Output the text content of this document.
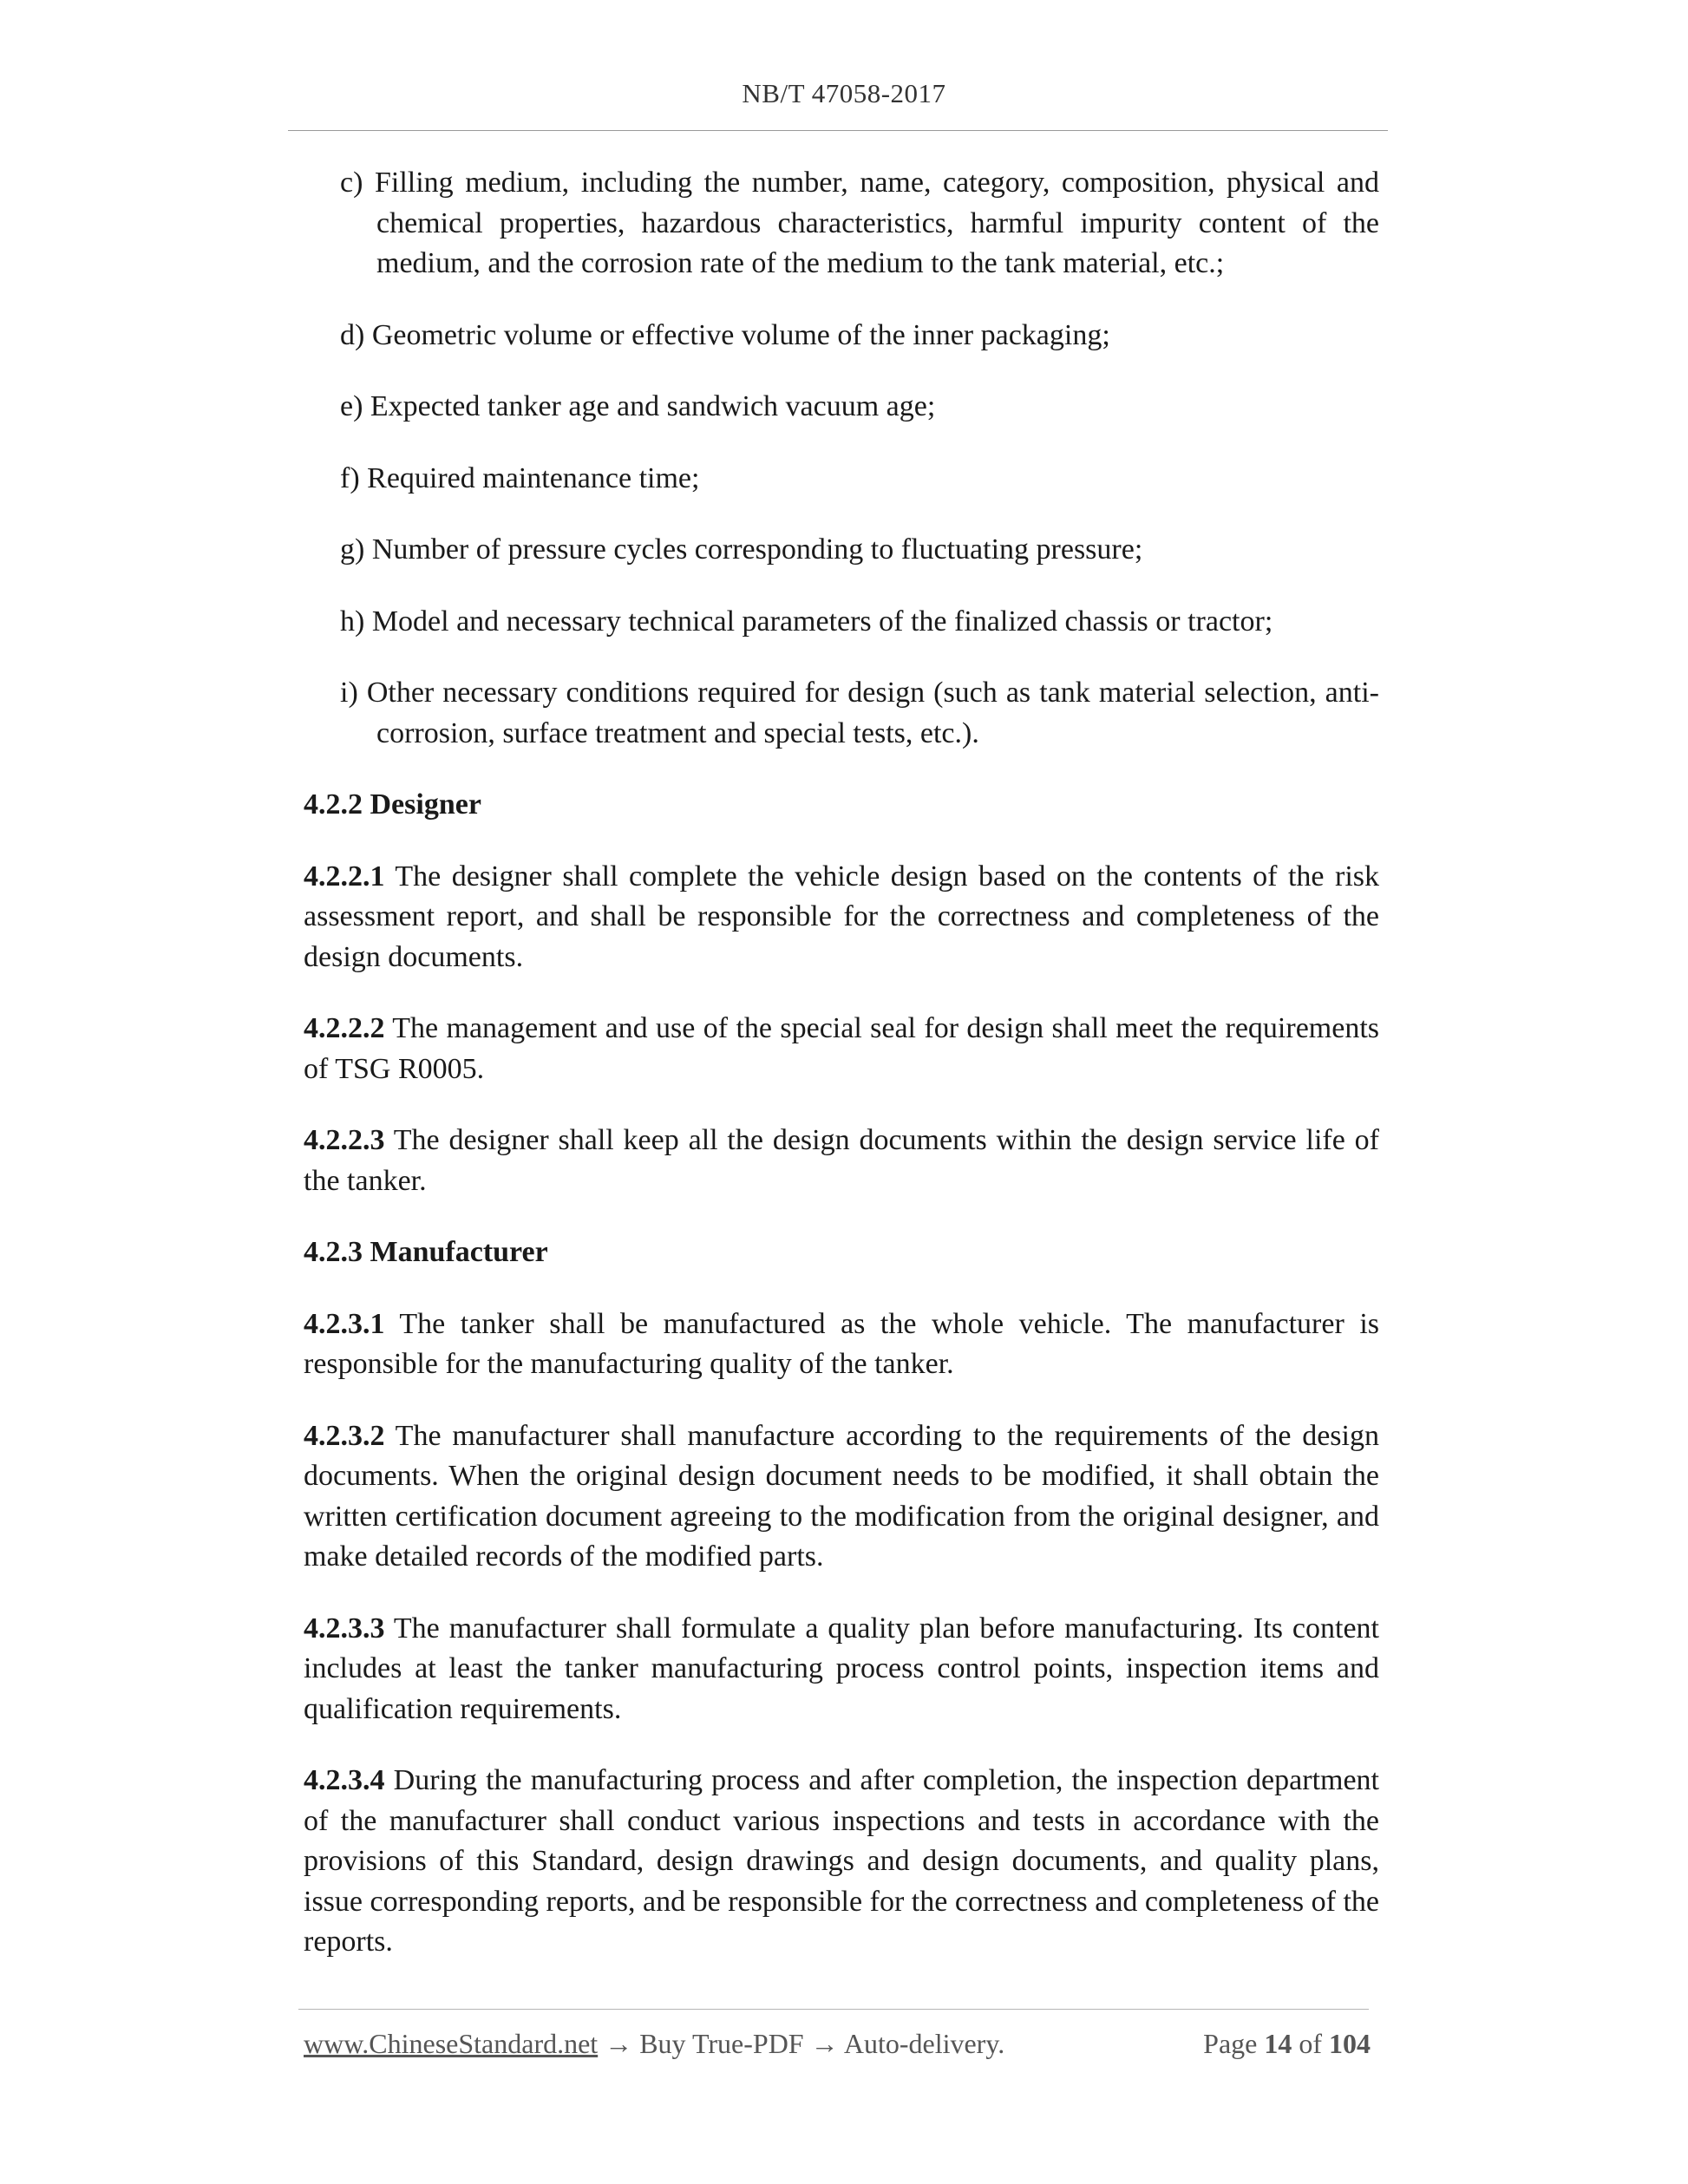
NB/T 47058-2017
c) Filling medium, including the number, name, category, composition, physical and chemical properties, hazardous characteristics, harmful impurity content of the medium, and the corrosion rate of the medium to the tank material, etc.;
d) Geometric volume or effective volume of the inner packaging;
e) Expected tanker age and sandwich vacuum age;
f) Required maintenance time;
g) Number of pressure cycles corresponding to fluctuating pressure;
h) Model and necessary technical parameters of the finalized chassis or tractor;
i) Other necessary conditions required for design (such as tank material selection, anti-corrosion, surface treatment and special tests, etc.).
4.2.2 Designer

4.2.2.1 The designer shall complete the vehicle design based on the contents of the risk assessment report, and shall be responsible for the correctness and completeness of the design documents.

4.2.2.2 The management and use of the special seal for design shall meet the requirements of TSG R0005.

4.2.2.3 The designer shall keep all the design documents within the design service life of the tanker.

4.2.3 Manufacturer

4.2.3.1 The tanker shall be manufactured as the whole vehicle. The manufacturer is responsible for the manufacturing quality of the tanker.

4.2.3.2 The manufacturer shall manufacture according to the requirements of the design documents. When the original design document needs to be modified, it shall obtain the written certification document agreeing to the modification from the original designer, and make detailed records of the modified parts.

4.2.3.3 The manufacturer shall formulate a quality plan before manufacturing. Its content includes at least the tanker manufacturing process control points, inspection items and qualification requirements.

4.2.3.4 During the manufacturing process and after completion, the inspection department of the manufacturer shall conduct various inspections and tests in accordance with the provisions of this Standard, design drawings and design documents, and quality plans, issue corresponding reports, and be responsible for the correctness and completeness of the reports.

www.ChineseStandard.net → Buy True-PDF → Auto-delivery.	Page 14 of 104
